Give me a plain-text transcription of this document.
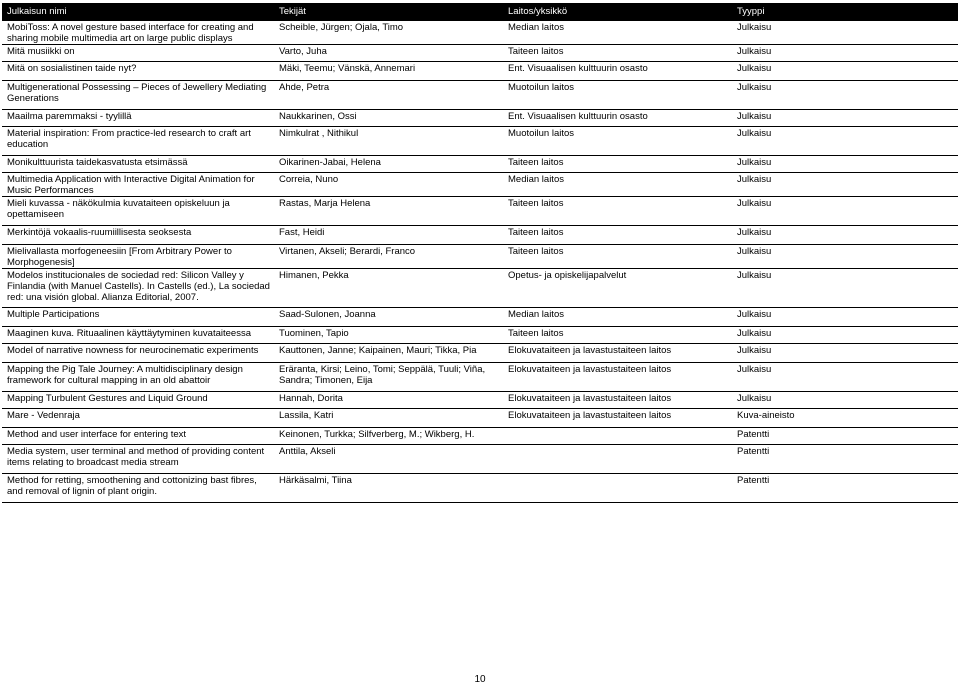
Julkaisun nimi	Tekijät	Laitos/yksikkö	Tyyppi
MobiToss: A novel gesture based interface for creating and sharing mobile multimedia art on large public displays	Scheible, Jürgen; Ojala, Timo	Median laitos	Julkaisu
Mitä musiikki on	Varto, Juha	Taiteen laitos	Julkaisu
Mitä on sosialistinen taide nyt?	Mäki, Teemu; Vänskä, Annemari	Ent. Visuaalisen kulttuurin osasto	Julkaisu
Multigenerational Possessing – Pieces of Jewellery Mediating Generations	Ahde, Petra	Muotoilun laitos	Julkaisu
Maailma paremmaksi - tyylillä	Naukkarinen, Ossi	Ent. Visuaalisen kulttuurin osasto	Julkaisu
Material inspiration: From practice-led research to craft art education	Nimkulrat , Nithikul	Muotoilun laitos	Julkaisu
Monikulttuurista taidekasvatusta etsimässä	Oikarinen-Jabai, Helena	Taiteen laitos	Julkaisu
Multimedia Application with Interactive Digital Animation for Music Performances	Correia, Nuno	Median laitos	Julkaisu
Mieli kuvassa - näkökulmia kuvataiteen opiskeluun ja opettamiseen	Rastas, Marja Helena	Taiteen laitos	Julkaisu
Merkintöjä vokaalis-ruumiillisesta seoksesta	Fast, Heidi	Taiteen laitos	Julkaisu
Mielivallasta morfogeneesiin [From Arbitrary Power to Morphogenesis]	Virtanen, Akseli; Berardi, Franco	Taiteen laitos	Julkaisu
Modelos institucionales de sociedad red: Silicon Valley y Finlandia (with Manuel Castells). In Castells (ed.), La sociedad red: una visión global. Alianza Editorial, 2007.	Himanen, Pekka	Opetus- ja opiskelijapalvelut	Julkaisu
Multiple Participations	Saad-Sulonen, Joanna	Median laitos	Julkaisu
Maaginen kuva. Rituaalinen käyttäytyminen kuvataiteessa	Tuominen, Tapio	Taiteen laitos	Julkaisu
Model of narrative nowness for neurocinematic experiments	Kauttonen, Janne; Kaipainen, Mauri; Tikka, Pia	Elokuvataiteen ja lavastustaiteen laitos	Julkaisu
Mapping the Pig Tale Journey: A multidisciplinary design framework for cultural mapping in an old abattoir	Eräranta, Kirsi; Leino, Tomi; Seppälä, Tuuli; Viña, Sandra; Timonen, Eija	Elokuvataiteen ja lavastustaiteen laitos	Julkaisu
Mapping Turbulent Gestures and Liquid Ground	Hannah, Dorita	Elokuvataiteen ja lavastustaiteen laitos	Julkaisu
Mare - Vedenraja	Lassila, Katri	Elokuvataiteen ja lavastustaiteen laitos	Kuva-aineisto
Method and user interface for entering text	Keinonen, Turkka; Silfverberg, M.; Wikberg, H.		Patentti
Media system, user terminal and method of providing content items relating to broadcast media stream	Anttila, Akseli		Patentti
Method for retting, smoothening and cottonizing bast fibres, and removal of lignin of plant origin.	Härkäsalmi, Tiina		Patentti
10
